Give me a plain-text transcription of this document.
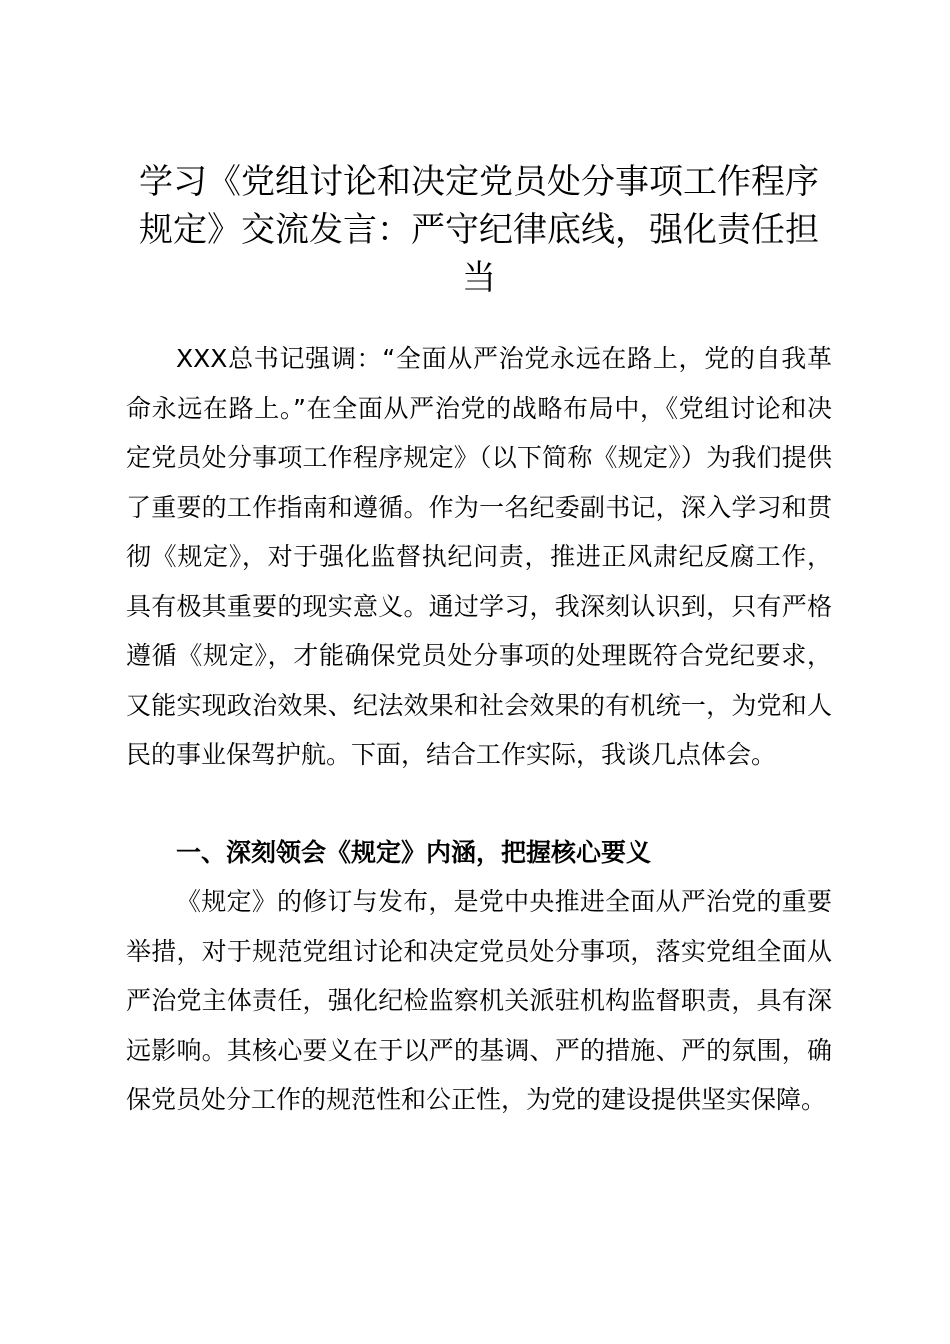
学习《党组讨论和决定党员处分事项工作程序规定》交流发言：严守纪律底线，强化责任担当

XXX总书记强调：“全面从严治党永远在路上，党的自我革命永远在路上。”在全面从严治党的战略布局中，《党组讨论和决定党员处分事项工作程序规定》（以下简称《规定》）为我们提供了重要的工作指南和遵循。作为一名纪委副书记，深入学习和贯彻《规定》，对于强化监督执纪问责，推进正风肃纪反腐工作，具有极其重要的现实意义。通过学习，我深刻认识到，只有严格遵循《规定》，才能确保党员处分事项的处理既符合党纪要求，又能实现政治效果、纪法效果和社会效果的有机统一，为党和人民的事业保驾护航。下面，结合工作实际，我谈几点体会。

一、深刻领会《规定》内涵，把握核心要义

《规定》的修订与发布，是党中央推进全面从严治党的重要举措，对于规范党组讨论和决定党员处分事项，落实党组全面从严治党主体责任，强化纪检监察机关派驻机构监督职责，具有深远影响。其核心要义在于以严的基调、严的措施、严的氛围，确保党员处分工作的规范性和公正性，为党的建设提供坚实保障。
